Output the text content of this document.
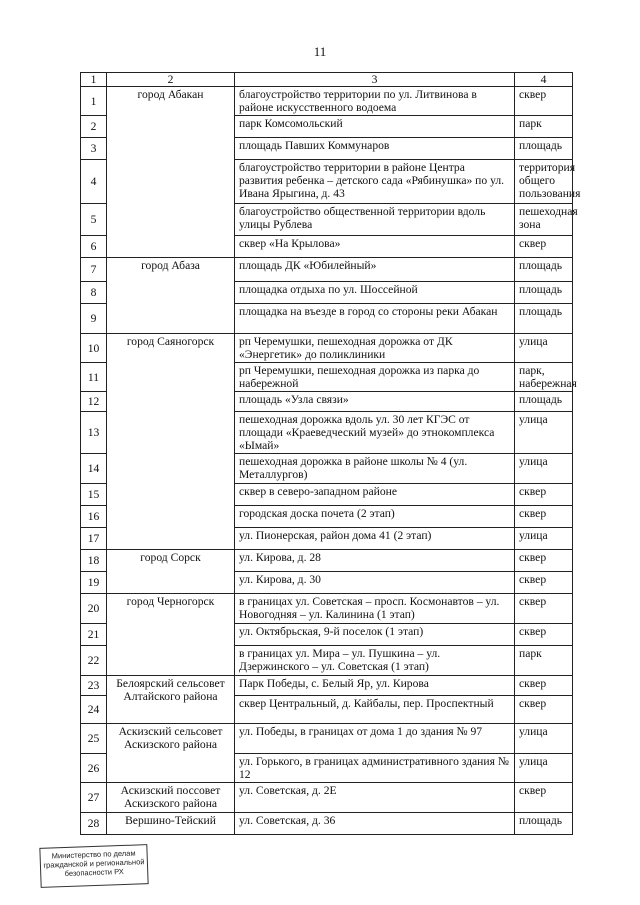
11
1	2	3	4
1	город Абакан	благоустройство территории по ул. Литвинова в районе искусственного водоема	сквер
2		парк Комсомольский	парк
3		площадь Павших Коммунаров	площадь
4		благоустройство территории в районе Центра развития ребенка – детского сада «Рябинушка» по ул. Ивана Ярыгина, д. 43	территория общего пользования
5		благоустройство общественной территории вдоль улицы Рублева	пешеходная зона
6		сквер «На Крылова»	сквер
7	город Абаза	площадь ДК «Юбилейный»	площадь
8		площадка отдыха по ул. Шоссейной	площадь
9		площадка на въезде в город со стороны реки Абакан	площадь
10	город Саяногорск	рп Черемушки, пешеходная дорожка от ДК «Энергетик» до поликлиники	улица
11		рп Черемушки, пешеходная дорожка из парка до набережной	парк, набережная
12		площадь «Узла связи»	площадь
13		пешеходная дорожка вдоль ул. 30 лет КГЭС от площади «Краеведческий музей» до этнокомплекса «Ымай»	улица
14		пешеходная дорожка в районе школы № 4 (ул. Металлургов)	улица
15		сквер в северо-западном районе	сквер
16		городская доска почета (2 этап)	сквер
17		ул. Пионерская, район дома 41 (2 этап)	улица
18	город Сорск	ул. Кирова, д. 28	сквер
19		ул. Кирова, д. 30	сквер
20	город Черногорск	в границах ул. Советская – просп. Космонавтов – ул. Новогодняя – ул. Калинина (1 этап)	сквер
21		ул. Октябрьская, 9-й поселок (1 этап)	сквер
22		в границах ул. Мира – ул. Пушкина – ул. Дзержинского – ул. Советская (1 этап)	парк
23	Белоярский сельсовет Алтайского района	Парк Победы, с. Белый Яр, ул. Кирова	сквер
24		сквер Центральный, д. Кайбалы, пер. Проспектный	сквер
25	Аскизский сельсовет Аскизского района	ул. Победы, в границах от дома 1 до здания № 97	улица
26		ул. Горького, в границах административного здания № 12	улица
27	Аскизский поссовет Аскизского района	ул. Советская, д. 2Е	сквер
28	Вершино-Тейский	ул. Советская, д. 36	площадь
Министерство по делам
гражданской и региональной
безопасности РХ
